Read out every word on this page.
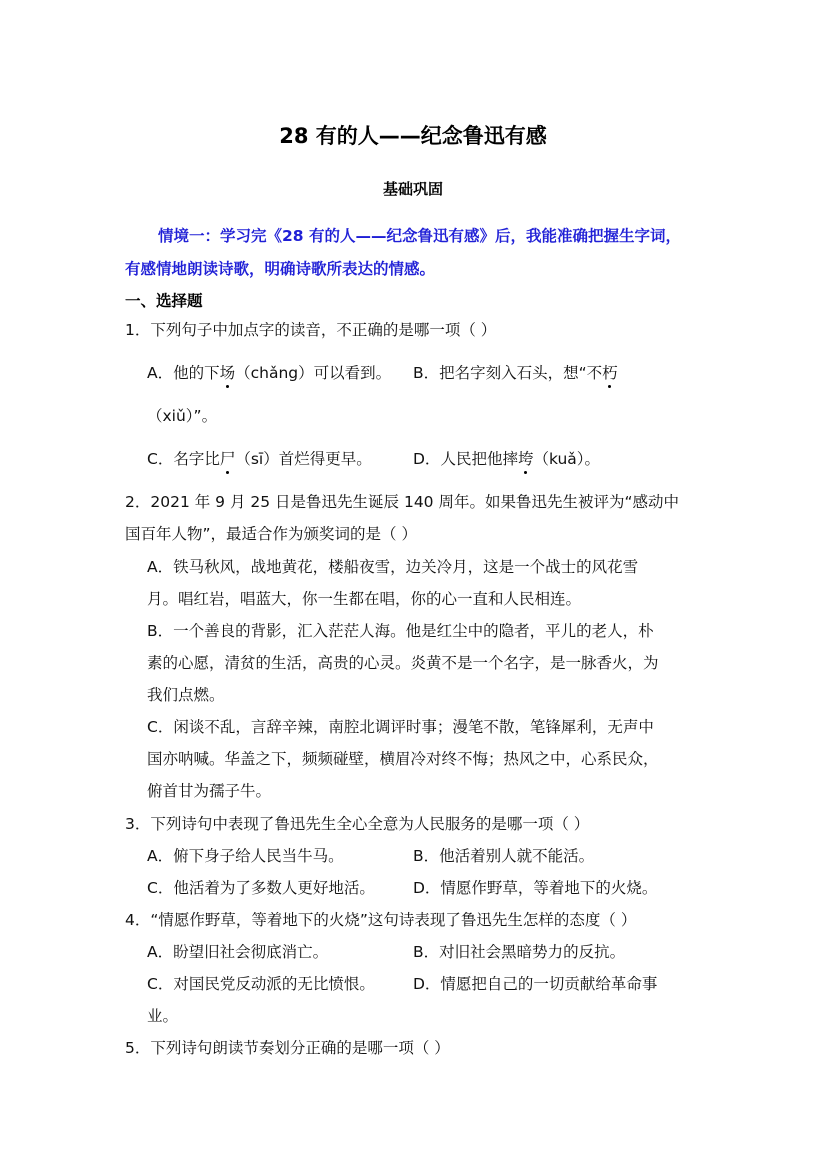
28 有的人——纪念鲁迅有感
基础巩固
情境一：学习完《28 有的人——纪念鲁迅有感》后，我能准确把握生字词，
有感情地朗读诗歌，明确诗歌所表达的情感。
一、选择题
1．下列句子中加点字的读音，不正确的是哪一项（ ）
A．他的下场（chǎng）可以看到。 B．把名字刻入石头，想“不朽
（xiǔ）”。
C．名字比尸（sī）首烂得更早。	D．人民把他摔垮（kuǎ）。
2．2021 年 9 月 25 日是鲁迅先生诞辰 140 周年。如果鲁迅先生被评为“感动中
国百年人物”，最适合作为颁奖词的是（ ）
A．铁马秋风，战地黄花，楼船夜雪，边关冷月，这是一个战士的风花雪
月。唱红岩，唱蓝大，你一生都在唱，你的心一直和人民相连。
B．一个善良的背影，汇入茫茫人海。他是红尘中的隐者，平儿的老人，朴
素的心愿，清贫的生活，高贵的心灵。炎黄不是一个名字，是一脉香火，为
我们点燃。
C．闲谈不乱，言辞辛辣，南腔北调评时事；漫笔不散，笔锋犀利，无声中
国亦呐喊。华盖之下，频频碰壁，横眉冷对终不悔；热风之中，心系民众，
俯首甘为孺子牛。
3．下列诗句中表现了鲁迅先生全心全意为人民服务的是哪一项（ ）
A．俯下身子给人民当牛马。	B．他活着别人就不能活。
C．他活着为了多数人更好地活。 D．情愿作野草，等着地下的火烧。
4．“情愿作野草，等着地下的火烧”这句诗表现了鲁迅先生怎样的态度（ ）
A．盼望旧社会彻底消亡。	B．对旧社会黑暗势力的反抗。
C．对国民党反动派的无比愤恨。 D．情愿把自己的一切贡献给革命事
业。
5．下列诗句朗读节奏划分正确的是哪一项（ ）
